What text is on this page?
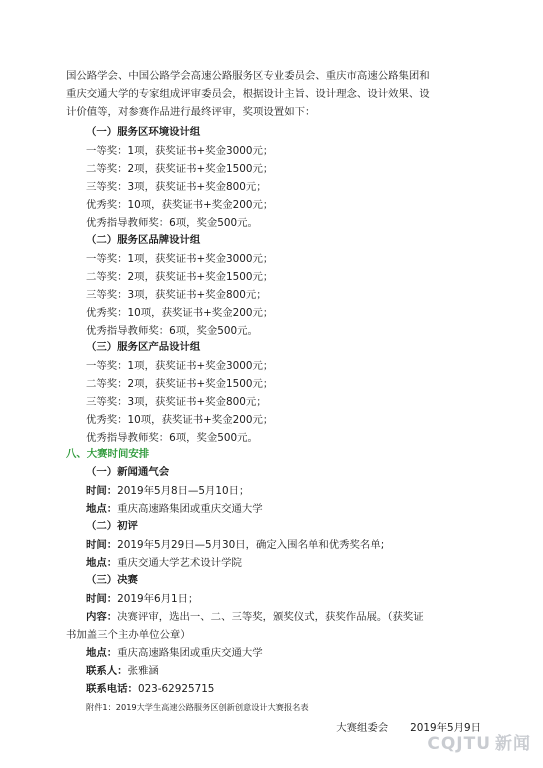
国公路学会、中国公路学会高速公路服务区专业委员会、重庆市高速公路集团和
重庆交通大学的专家组成评审委员会，根据设计主旨、设计理念、设计效果、设
计价值等，对参赛作品进行最终评审，奖项设置如下：
（一）服务区环境设计组
一等奖：1项，获奖证书+奖金3000元；
二等奖：2项，获奖证书+奖金1500元；
三等奖：3项，获奖证书+奖金800元；
优秀奖：10项，获奖证书+奖金200元；
优秀指导教师奖：6项，奖金500元。
（二）服务区品牌设计组
一等奖：1项，获奖证书+奖金3000元；
二等奖：2项，获奖证书+奖金1500元；
三等奖：3项，获奖证书+奖金800元；
优秀奖：10项，获奖证书+奖金200元；
优秀指导教师奖：6项，奖金500元。
（三）服务区产品设计组
一等奖：1项，获奖证书+奖金3000元；
二等奖：2项，获奖证书+奖金1500元；
三等奖：3项，获奖证书+奖金800元；
优秀奖：10项，获奖证书+奖金200元；
优秀指导教师奖：6项，奖金500元。
八、大赛时间安排
（一）新闻通气会
时间：2019年5月8日—5月10日；
地点：重庆高速路集团或重庆交通大学
（二）初评
时间：2019年5月29日—5月30日，确定入围名单和优秀奖名单;
地点：重庆交通大学艺术设计学院
（三）决赛
时间：2019年6月1日；
内容：决赛评审，选出一、二、三等奖，颁奖仪式，获奖作品展。（获奖证
书加盖三个主办单位公章）
地点：重庆高速路集团或重庆交通大学
联系人：张雅涵
联系电话：023-62925715
附件1：2019大学生高速公路服务区创新创意设计大赛报名表
大赛组委会 2019年5月9日
CQJTU 新闻
